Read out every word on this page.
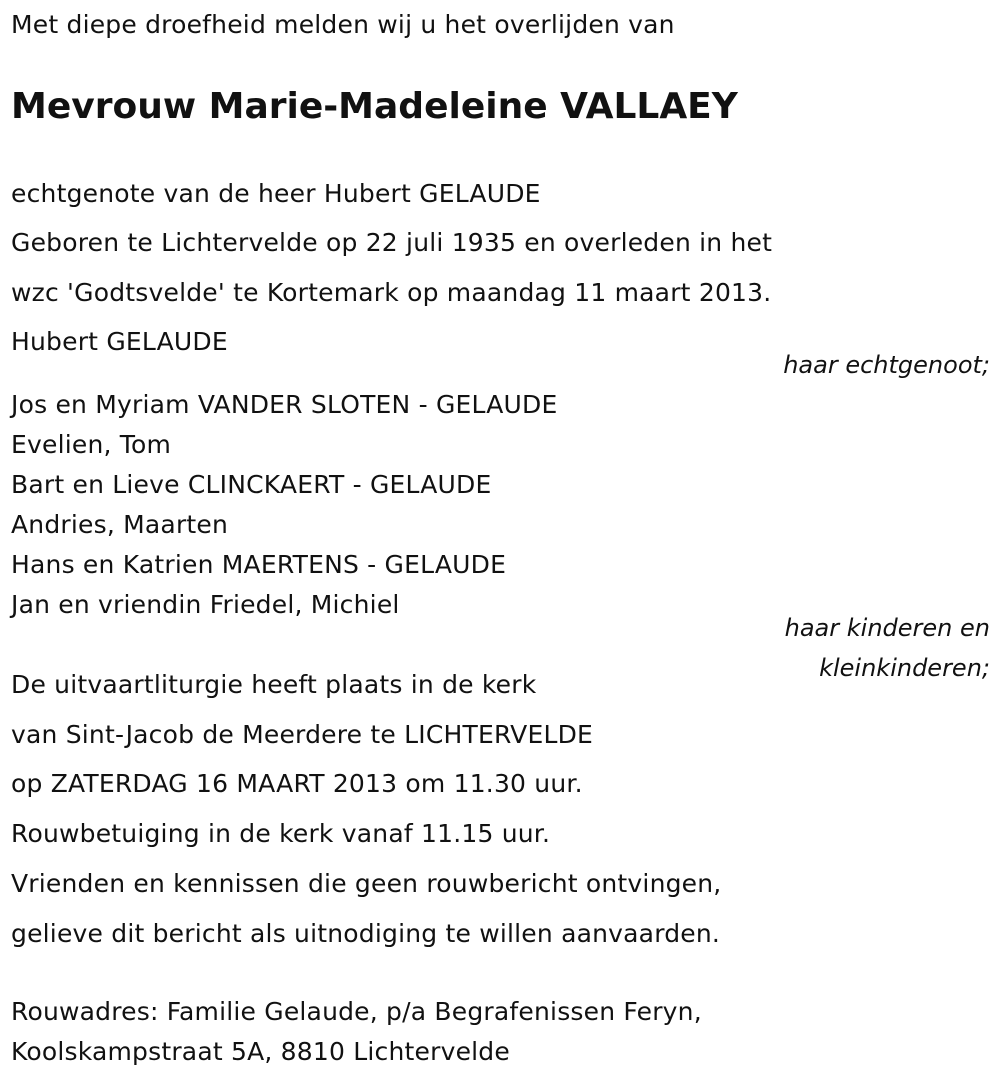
Met diepe droefheid melden wij u het overlijden van
Mevrouw Marie-Madeleine VALLAEY
echtgenote van de heer Hubert GELAUDE
Geboren te Lichtervelde op 22 juli 1935 en overleden in het
wzc 'Godtsvelde' te Kortemark op maandag 11 maart 2013.
Hubert GELAUDE
haar echtgenoot;
Jos en Myriam VANDER SLOTEN - GELAUDE
Evelien, Tom
Bart en Lieve CLINCKAERT - GELAUDE
Andries, Maarten
Hans en Katrien MAERTENS - GELAUDE
Jan en vriendin Friedel, Michiel
haar kinderen en
kleinkinderen;
De uitvaartliturgie heeft plaats in de kerk
van Sint-Jacob de Meerdere te LICHTERVELDE
op ZATERDAG 16 MAART 2013 om 11.30 uur.
Rouwbetuiging in de kerk vanaf 11.15 uur.
Vrienden en kennissen die geen rouwbericht ontvingen,
gelieve dit bericht als uitnodiging te willen aanvaarden.
Rouwadres: Familie Gelaude, p/a Begrafenissen Feryn,
Koolskampstraat 5A, 8810 Lichtervelde
